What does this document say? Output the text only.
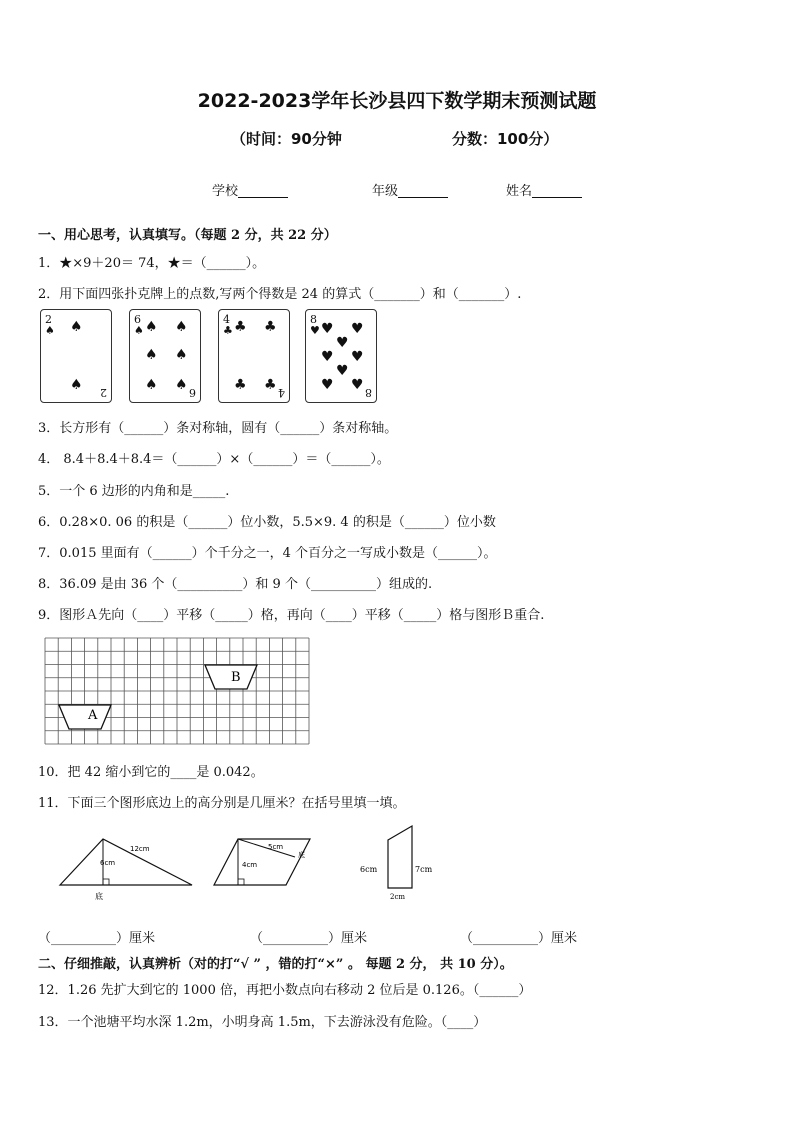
2022-2023学年长沙县四下数学期末预测试题
（时间：90分钟	分数：100分）
学校	年级	姓名
一、用心思考，认真填写。（每题 2 分，共 22 分）
1．★×9＋20＝ 74，★＝（______）。
2．用下面四张扑克牌上的点数,写两个得数是 24 的算式（_______）和（_______）.
2
♠ ♠
♠ 2
6
♠ ♠ ♠
♠ ♠
♠ ♠ 6
4
♣ ♣ ♣
♣ ♣ 4
8
♥ ♥ ♥
♥
♥ ♥
♥
♥ ♥ 8
3．长方形有（______）条对称轴，圆有（______）条对称轴。
4． 8.4＋8.4＋8.4＝（______）×（______）＝（______）。
5．一个 6 边形的内角和是_____.
6．0.28×0. 06 的积是（______）位小数，5.5×9. 4 的积是（______）位小数
7．0.015 里面有（______）个千分之一，4 个百分之一写成小数是（______）。
8．36.09 是由 36 个（__________）和 9 个（__________）组成的.
9．图形Ａ先向（____）平移（_____）格，再向（____）平移（_____）格与图形Ｂ重合.
B
A
10．把 42 缩小到它的____是 0.042。
11．下面三个图形底边上的高分别是几厘米？在括号里填一填。
12cm
6cm
底
5cm
4cm
底
6cm	7cm
2cm
（__________）厘米	（__________）厘米	（__________）厘米
二、仔细推敲，认真辨析（对的打“√ ” ，错的打“×” 。 每题 2 分， 共 10 分）。
12．1.26 先扩大到它的 1000 倍，再把小数点向右移动 2 位后是 0.126。（______）
13．一个池塘平均水深 1.2m，小明身高 1.5m，下去游泳没有危险。（____）
